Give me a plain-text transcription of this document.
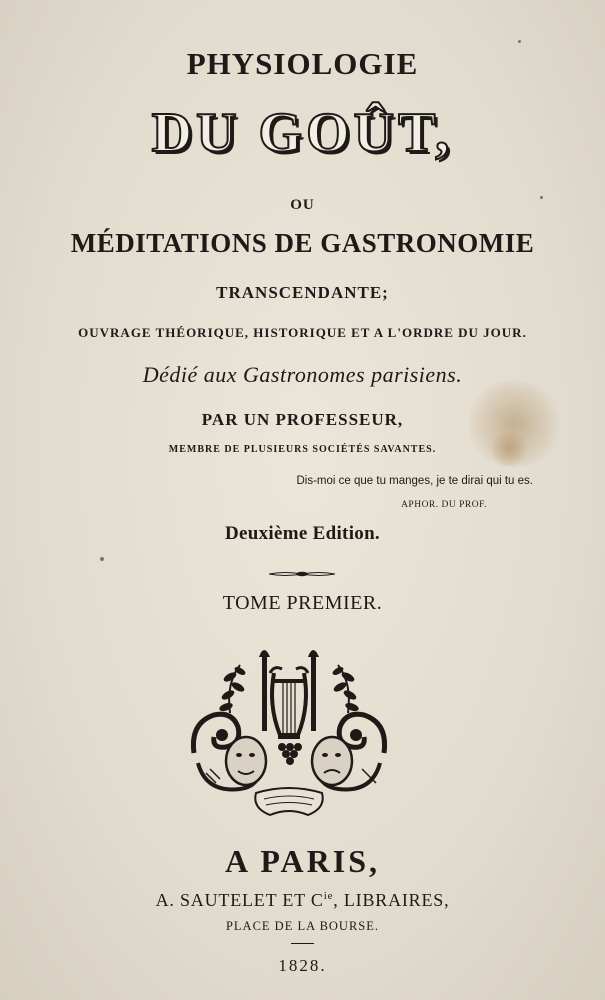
PHYSIOLOGIE

DU GOÛT,

OU

MÉDITATIONS DE GASTRONOMIE

TRANSCENDANTE;

OUVRAGE THÉORIQUE, HISTORIQUE ET A L'ORDRE DU JOUR.

Dédié aux Gastronomes parisiens.

PAR UN PROFESSEUR,

MEMBRE DE PLUSIEURS SOCIÉTÉS SAVANTES.

Dis-moi ce que tu manges, je te dirai qui tu es.

APHOR. DU PROF.

Deuxième Edition.

TOME PREMIER.

A PARIS,

A. SAUTELET ET $C^{ie}$, LIBRAIRES,

PLACE DE LA BOURSE.

1828.
